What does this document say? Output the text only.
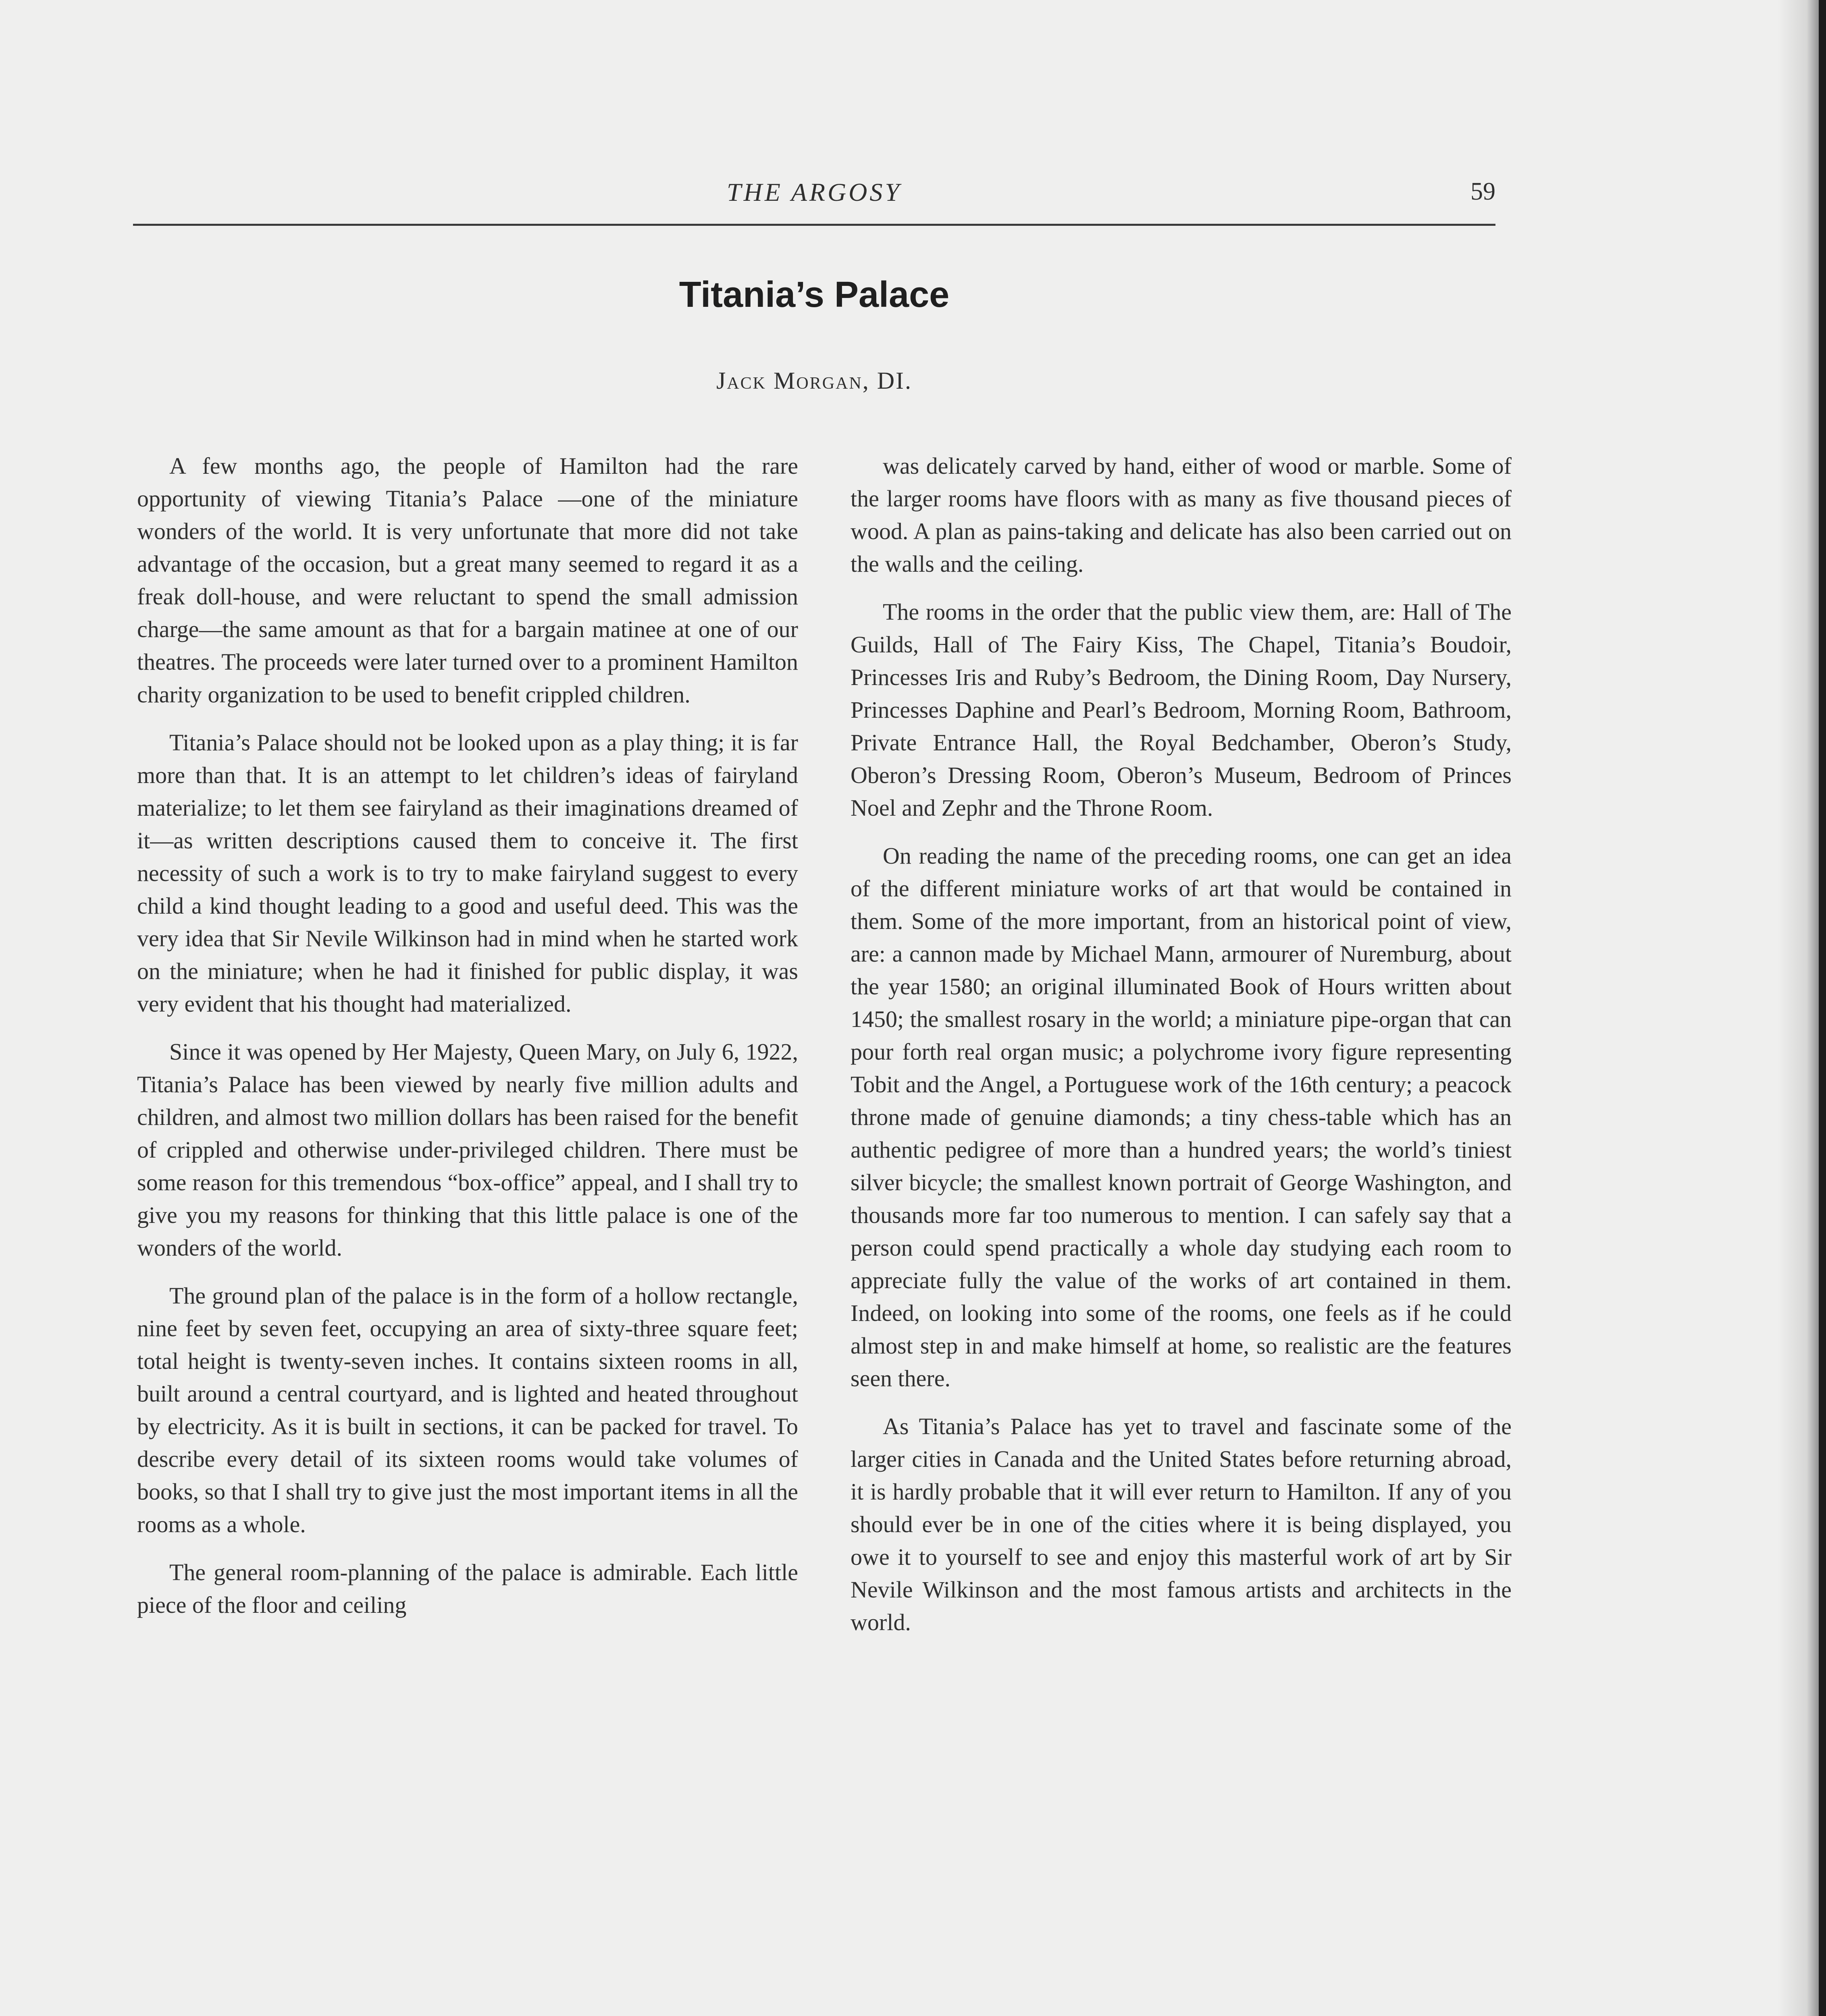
THE ARGOSY	59
Titania’s Palace
Jack Morgan, DI.

A few months ago, the people of Hamilton had the rare opportunity of viewing Titania’s Palace —one of the miniature wonders of the world. It is very unfortunate that more did not take advantage of the occasion, but a great many seemed to regard it as a freak doll-house, and were reluctant to spend the small admission charge—the same amount as that for a bargain matinee at one of our theatres. The proceeds were later turned over to a prominent Hamilton charity organization to be used to benefit crippled children.

Titania’s Palace should not be looked upon as a play thing; it is far more than that. It is an attempt to let children’s ideas of fairyland materialize; to let them see fairyland as their imaginations dreamed of it—as written descriptions caused them to conceive it. The first necessity of such a work is to try to make fairyland suggest to every child a kind thought leading to a good and useful deed. This was the very idea that Sir Nevile Wilkinson had in mind when he started work on the miniature; when he had it finished for public display, it was very evident that his thought had materialized.

Since it was opened by Her Majesty, Queen Mary, on July 6, 1922, Titania’s Palace has been viewed by nearly five million adults and children, and almost two million dollars has been raised for the benefit of crippled and otherwise under-privileged children. There must be some reason for this tremendous “box-office” appeal, and I shall try to give you my reasons for thinking that this little palace is one of the wonders of the world.

The ground plan of the palace is in the form of a hollow rectangle, nine feet by seven feet, occupying an area of sixty-three square feet; total height is twenty-seven inches. It contains sixteen rooms in all, built around a central courtyard, and is lighted and heated throughout by electricity. As it is built in sections, it can be packed for travel. To describe every detail of its sixteen rooms would take volumes of books, so that I shall try to give just the most important items in all the rooms as a whole.

The general room-planning of the palace is admirable. Each little piece of the floor and ceiling

was delicately carved by hand, either of wood or marble. Some of the larger rooms have floors with as many as five thousand pieces of wood. A plan as pains-taking and delicate has also been carried out on the walls and the ceiling.

The rooms in the order that the public view them, are: Hall of The Guilds, Hall of The Fairy Kiss, The Chapel, Titania’s Boudoir, Princesses Iris and Ruby’s Bedroom, the Dining Room, Day Nursery, Princesses Daphine and Pearl’s Bedroom, Morning Room, Bathroom, Private Entrance Hall, the Royal Bedchamber, Oberon’s Study, Oberon’s Dressing Room, Oberon’s Museum, Bedroom of Princes Noel and Zephr and the Throne Room.

On reading the name of the preceding rooms, one can get an idea of the different miniature works of art that would be contained in them. Some of the more important, from an historical point of view, are: a cannon made by Michael Mann, armourer of Nuremburg, about the year 1580; an original illuminated Book of Hours written about 1450; the smallest rosary in the world; a miniature pipe-organ that can pour forth real organ music; a polychrome ivory figure representing Tobit and the Angel, a Portuguese work of the 16th century; a peacock throne made of genuine diamonds; a tiny chess-table which has an authentic pedigree of more than a hundred years; the world’s tiniest silver bicycle; the smallest known portrait of George Washington, and thousands more far too numerous to mention. I can safely say that a person could spend practically a whole day studying each room to appreciate fully the value of the works of art contained in them. Indeed, on looking into some of the rooms, one feels as if he could almost step in and make himself at home, so realistic are the features seen there.

As Titania’s Palace has yet to travel and fascinate some of the larger cities in Canada and the United States before returning abroad, it is hardly probable that it will ever return to Hamilton. If any of you should ever be in one of the cities where it is being displayed, you owe it to yourself to see and enjoy this masterful work of art by Sir Nevile Wilkinson and the most famous artists and architects in the world.
